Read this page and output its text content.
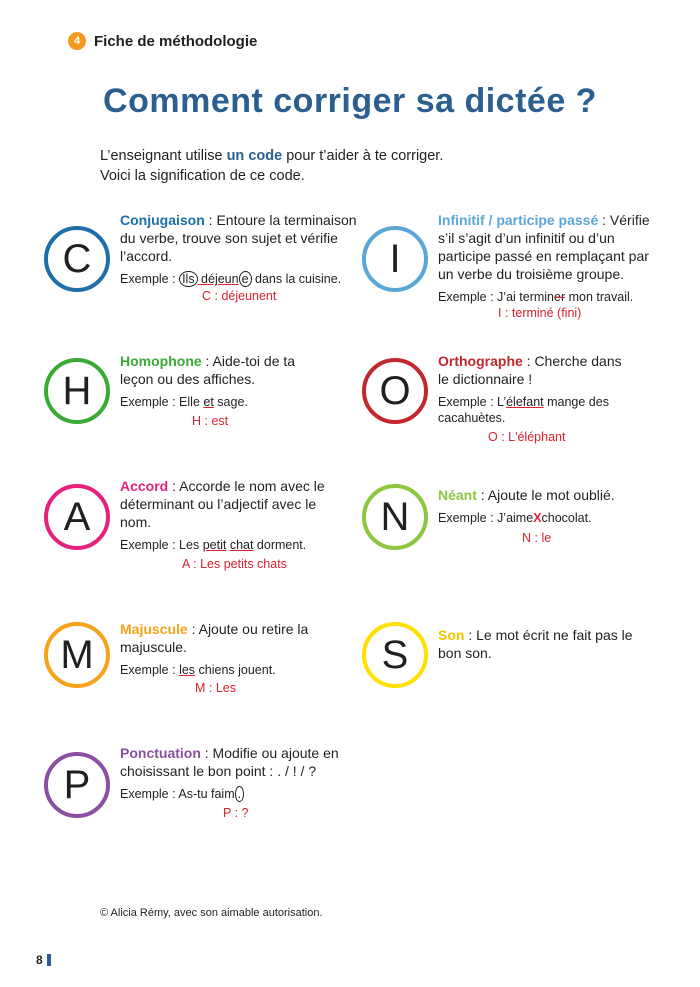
4 Fiche de méthodologie
Comment corriger sa dictée ?
L’enseignant utilise un code pour t’aider à te corriger.
Voici la signification de ce code.
C
Conjugaison : Entoure la terminaison du verbe, trouve son sujet et vérifie l’accord.
Exemple : Ils déjeun e dans la cuisine.
C : déjeunent
H
Homophone : Aide-toi de ta leçon ou des affiches.
Exemple : Elle et sage.
H : est
A
Accord : Accorde le nom avec le déterminant ou l’adjectif avec le nom.
Exemple : Les petit chat dorment.
A : Les petits chats
M
Majuscule : Ajoute ou retire la majuscule.
Exemple : les chiens jouent.
M : Les
P
Ponctuation : Modifie ou ajoute en choisissant le bon point : . / ! / ?
Exemple : As-tu faim .
P : ?
I
Infinitif / participe passé : Vérifie s’il s’agit d’un infinitif ou d’un participe passé en remplaçant par un verbe du troisième groupe.
Exemple : J’ai terminer mon travail.
I : terminé (fini)
O
Orthographe : Cherche dans le dictionnaire !
Exemple : L’élefant mange des cacahuètes.
O : L'éléphant
N	Néant : Ajoute le mot oublié.
Exemple : J’aimeXchocolat.
N : le
S	Son : Le mot écrit ne fait pas le bon son.
© Alicia Rémy, avec son aimable autorisation.
8
